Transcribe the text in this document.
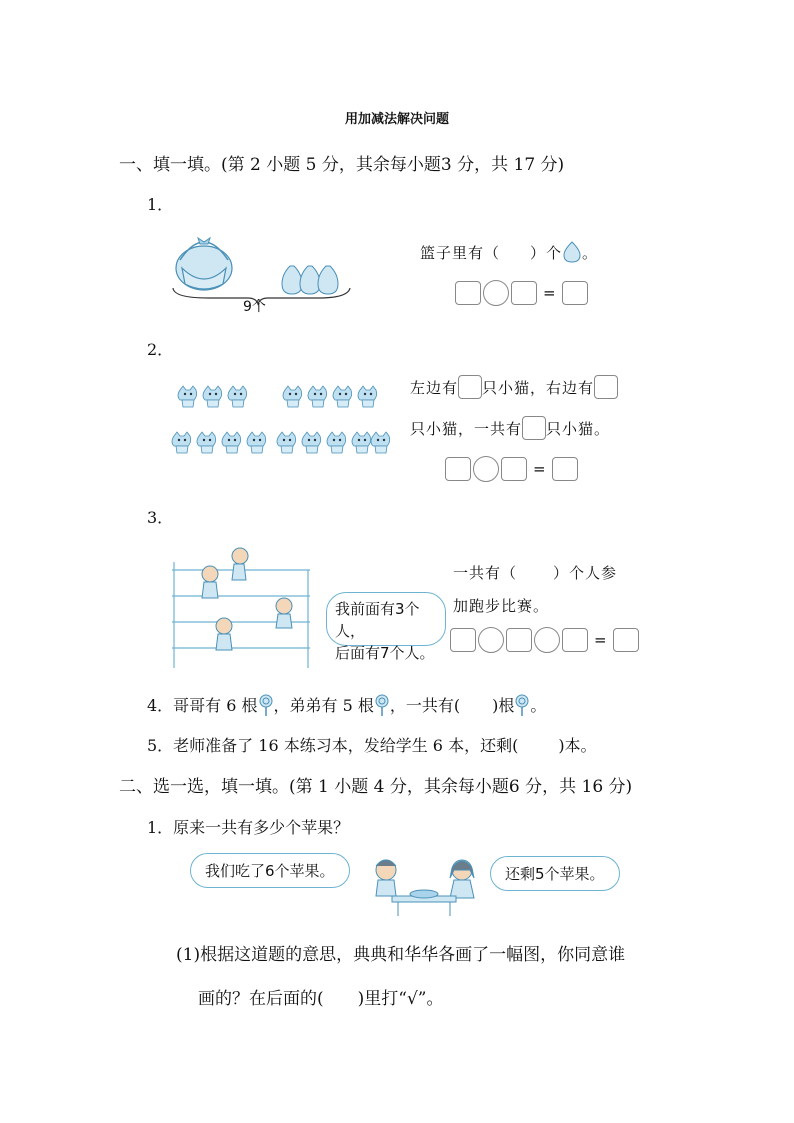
用加减法解决问题
一、填一填。(第 2 小题 5 分，其余每小题3 分，共 17 分)
1．
9个
篮子里有（ ）个 。
=
2．
左边有 只小猫，右边有
只小猫，一共有 只小猫。
=
3．
我前面有3个人，
后面有7个人。
一共有（ ）个人参
加跑步比赛。
=
4．哥哥有 6 根 ，弟弟有 5 根 ，一共有( )根 。
5．老师准备了 16 本练习本，发给学生 6 本，还剩(	)本。
二、选一选，填一填。(第 1 小题 4 分，其余每小题6 分，共 16 分)
1．原来一共有多少个苹果？
我们吃了6个苹果。	还剩5个苹果。
(1)根据这道题的意思，典典和华华各画了一幅图，你同意谁
画的？在后面的(　　)里打“√”。
